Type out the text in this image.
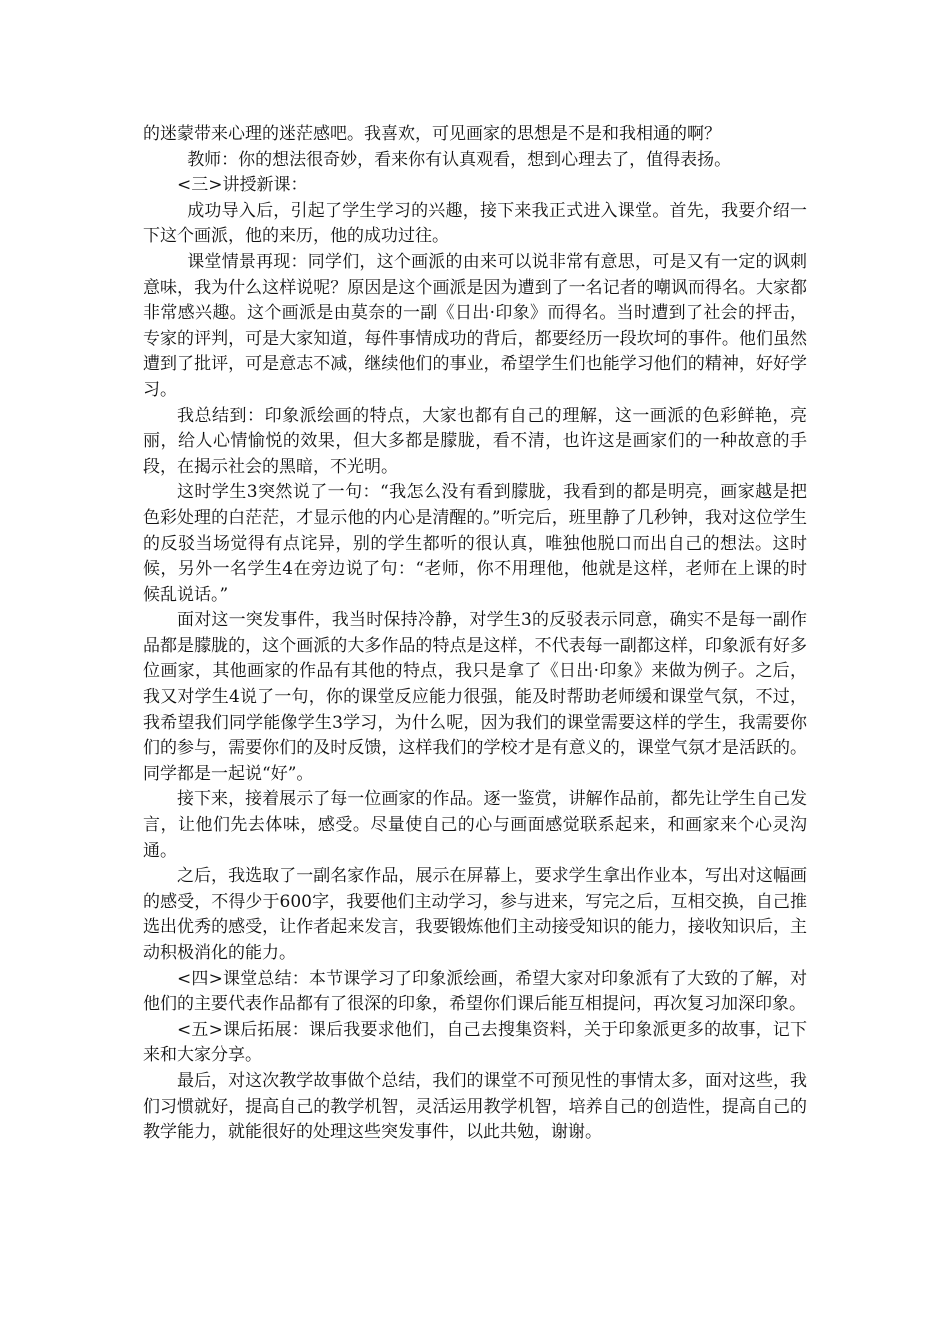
的迷蒙带来心理的迷茫感吧。我喜欢，可见画家的思想是不是和我相通的啊？

教师：你的想法很奇妙，看来你有认真观看，想到心理去了，值得表扬。

<三>讲授新课：

成功导入后，引起了学生学习的兴趣，接下来我正式进入课堂。首先，我要介绍一下这个画派，他的来历，他的成功过往。

课堂情景再现：同学们，这个画派的由来可以说非常有意思，可是又有一定的讽刺意味，我为什么这样说呢？原因是这个画派是因为遭到了一名记者的嘲讽而得名。大家都非常感兴趣。这个画派是由莫奈的一副《日出·印象》而得名。当时遭到了社会的抨击，专家的评判，可是大家知道，每件事情成功的背后，都要经历一段坎坷的事件。他们虽然遭到了批评，可是意志不减，继续他们的事业，希望学生们也能学习他们的精神，好好学习。

我总结到：印象派绘画的特点，大家也都有自己的理解，这一画派的色彩鲜艳，亮丽，给人心情愉悦的效果，但大多都是朦胧，看不清，也许这是画家们的一种故意的手段，在揭示社会的黑暗，不光明。

这时学生3突然说了一句：“我怎么没有看到朦胧，我看到的都是明亮，画家越是把色彩处理的白茫茫，才显示他的内心是清醒的。”听完后，班里静了几秒钟，我对这位学生的反驳当场觉得有点诧异，别的学生都听的很认真，唯独他脱口而出自己的想法。这时候，另外一名学生4在旁边说了句：“老师，你不用理他，他就是这样，老师在上课的时候乱说话。”

面对这一突发事件，我当时保持冷静，对学生3的反驳表示同意，确实不是每一副作品都是朦胧的，这个画派的大多作品的特点是这样，不代表每一副都这样，印象派有好多位画家，其他画家的作品有其他的特点，我只是拿了《日出·印象》来做为例子。之后，我又对学生4说了一句，你的课堂反应能力很强，能及时帮助老师缓和课堂气氛，不过，我希望我们同学能像学生3学习，为什么呢，因为我们的课堂需要这样的学生，我需要你们的参与，需要你们的及时反馈，这样我们的学校才是有意义的，课堂气氛才是活跃的。同学都是一起说“好”。

接下来，接着展示了每一位画家的作品。逐一鉴赏，讲解作品前，都先让学生自己发言，让他们先去体味，感受。尽量使自己的心与画面感觉联系起来，和画家来个心灵沟通。

之后，我选取了一副名家作品，展示在屏幕上，要求学生拿出作业本，写出对这幅画的感受，不得少于600字，我要他们主动学习，参与进来，写完之后，互相交换，自己推选出优秀的感受，让作者起来发言，我要锻炼他们主动接受知识的能力，接收知识后，主动积极消化的能力。

<四>课堂总结：本节课学习了印象派绘画，希望大家对印象派有了大致的了解，对他们的主要代表作品都有了很深的印象，希望你们课后能互相提问，再次复习加深印象。

<五>课后拓展：课后我要求他们，自己去搜集资料，关于印象派更多的故事，记下来和大家分享。

最后，对这次教学故事做个总结，我们的课堂不可预见性的事情太多，面对这些，我们习惯就好，提高自己的教学机智，灵活运用教学机智，培养自己的创造性，提高自己的教学能力，就能很好的处理这些突发事件，以此共勉，谢谢。
